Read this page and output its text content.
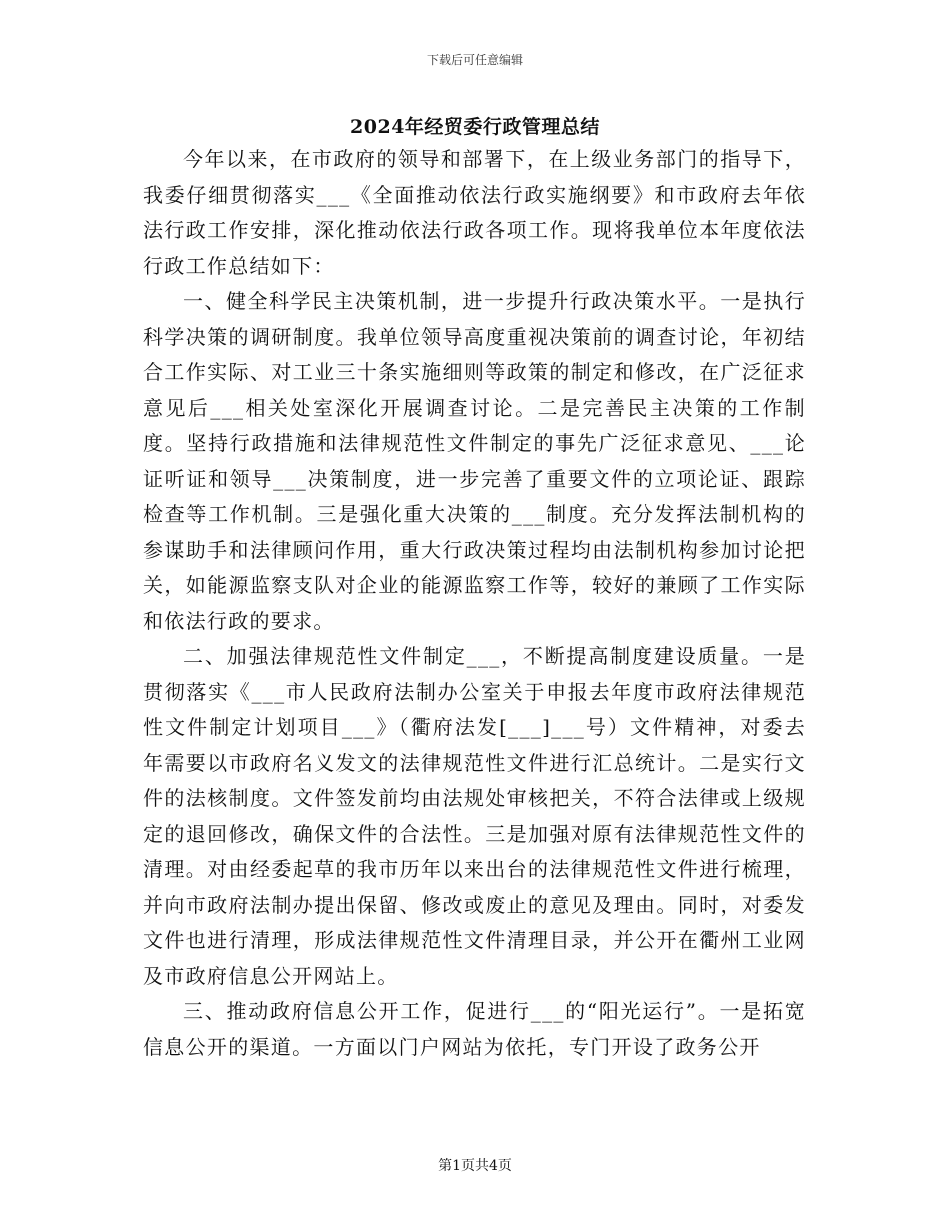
下载后可任意编辑
2024年经贸委行政管理总结

今年以来，在市政府的领导和部署下，在上级业务部门的指导下，我委仔细贯彻落实___《全面推动依法行政实施纲要》和市政府去年依法行政工作安排，深化推动依法行政各项工作。现将我单位本年度依法行政工作总结如下：

一、健全科学民主决策机制，进一步提升行政决策水平。一是执行科学决策的调研制度。我单位领导高度重视决策前的调查讨论，年初结合工作实际、对工业三十条实施细则等政策的制定和修改，在广泛征求意见后___相关处室深化开展调查讨论。二是完善民主决策的工作制度。坚持行政措施和法律规范性文件制定的事先广泛征求意见、___论证听证和领导___决策制度，进一步完善了重要文件的立项论证、跟踪检查等工作机制。三是强化重大决策的___制度。充分发挥法制机构的参谋助手和法律顾问作用，重大行政决策过程均由法制机构参加讨论把关，如能源监察支队对企业的能源监察工作等，较好的兼顾了工作实际和依法行政的要求。

二、加强法律规范性文件制定___，不断提高制度建设质量。一是贯彻落实《___市人民政府法制办公室关于申报去年度市政府法律规范性文件制定计划项目___》（衢府法发[___]___号）文件精神，对委去年需要以市政府名义发文的法律规范性文件进行汇总统计。二是实行文件的法核制度。文件签发前均由法规处审核把关，不符合法律或上级规定的退回修改，确保文件的合法性。三是加强对原有法律规范性文件的清理。对由经委起草的我市历年以来出台的法律规范性文件进行梳理，并向市政府法制办提出保留、修改或废止的意见及理由。同时，对委发文件也进行清理，形成法律规范性文件清理目录，并公开在衢州工业网及市政府信息公开网站上。

三、推动政府信息公开工作，促进行___的“阳光运行”。一是拓宽信息公开的渠道。一方面以门户网站为依托，专门开设了政务公开

第1页共4页
